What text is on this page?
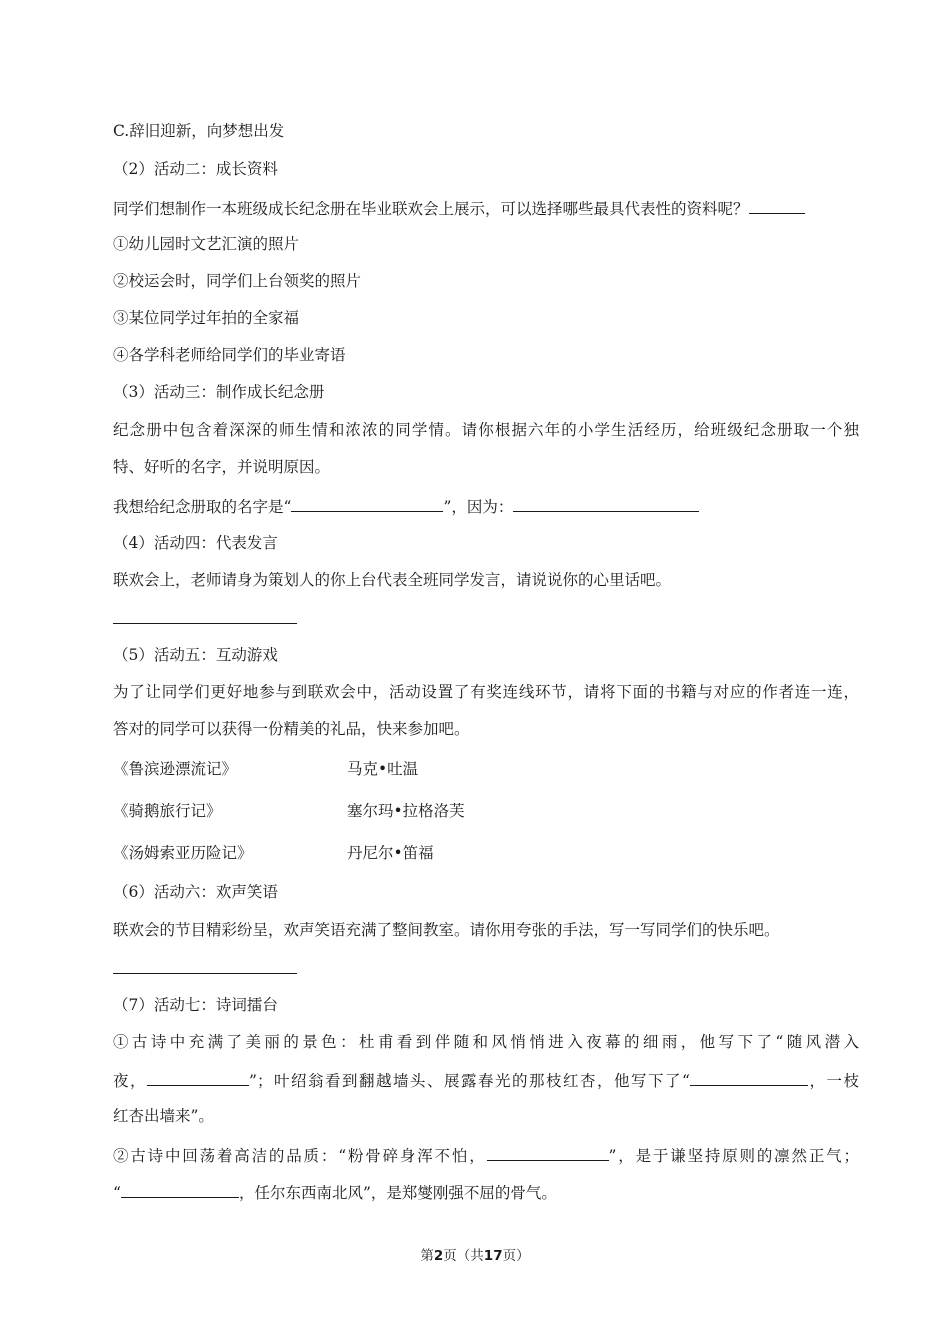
C.辞旧迎新，向梦想出发
（2）活动二：成长资料
同学们想制作一本班级成长纪念册在毕业联欢会上展示，可以选择哪些最具代表性的资料呢？
①幼儿园时文艺汇演的照片
②校运会时，同学们上台领奖的照片
③某位同学过年拍的全家福
④各学科老师给同学们的毕业寄语
（3）活动三：制作成长纪念册
纪念册中包含着深深的师生情和浓浓的同学情。请你根据六年的小学生活经历，给班级纪念册取一个独
特、好听的名字，并说明原因。
我想给纪念册取的名字是“	”，因为：
（4）活动四：代表发言
联欢会上，老师请身为策划人的你上台代表全班同学发言，请说说你的心里话吧。
（5）活动五：互动游戏
为了让同学们更好地参与到联欢会中，活动设置了有奖连线环节，请将下面的书籍与对应的作者连一连，
答对的同学可以获得一份精美的礼品，快来参加吧。
《鲁滨逊漂流记》	马克•吐温
《骑鹅旅行记》	塞尔玛•拉格洛芙
《汤姆索亚历险记》	丹尼尔•笛福
（6）活动六：欢声笑语
联欢会的节目精彩纷呈，欢声笑语充满了整间教室。请你用夸张的手法，写一写同学们的快乐吧。
（7）活动七：诗词擂台
①古诗中充满了美丽的景色：杜甫看到伴随和风悄悄进入夜幕的细雨，他写下了“随风潜入
夜，	”；叶绍翁看到翻越墙头、展露春光的那枝红杏，他写下了“	，一枝
红杏出墙来”。
②古诗中回荡着高洁的品质：“粉骨碎身浑不怕，	”，是于谦坚持原则的凛然正气；
“	，任尔东西南北风”，是郑燮刚强不屈的骨气。
第2页（共17页）
